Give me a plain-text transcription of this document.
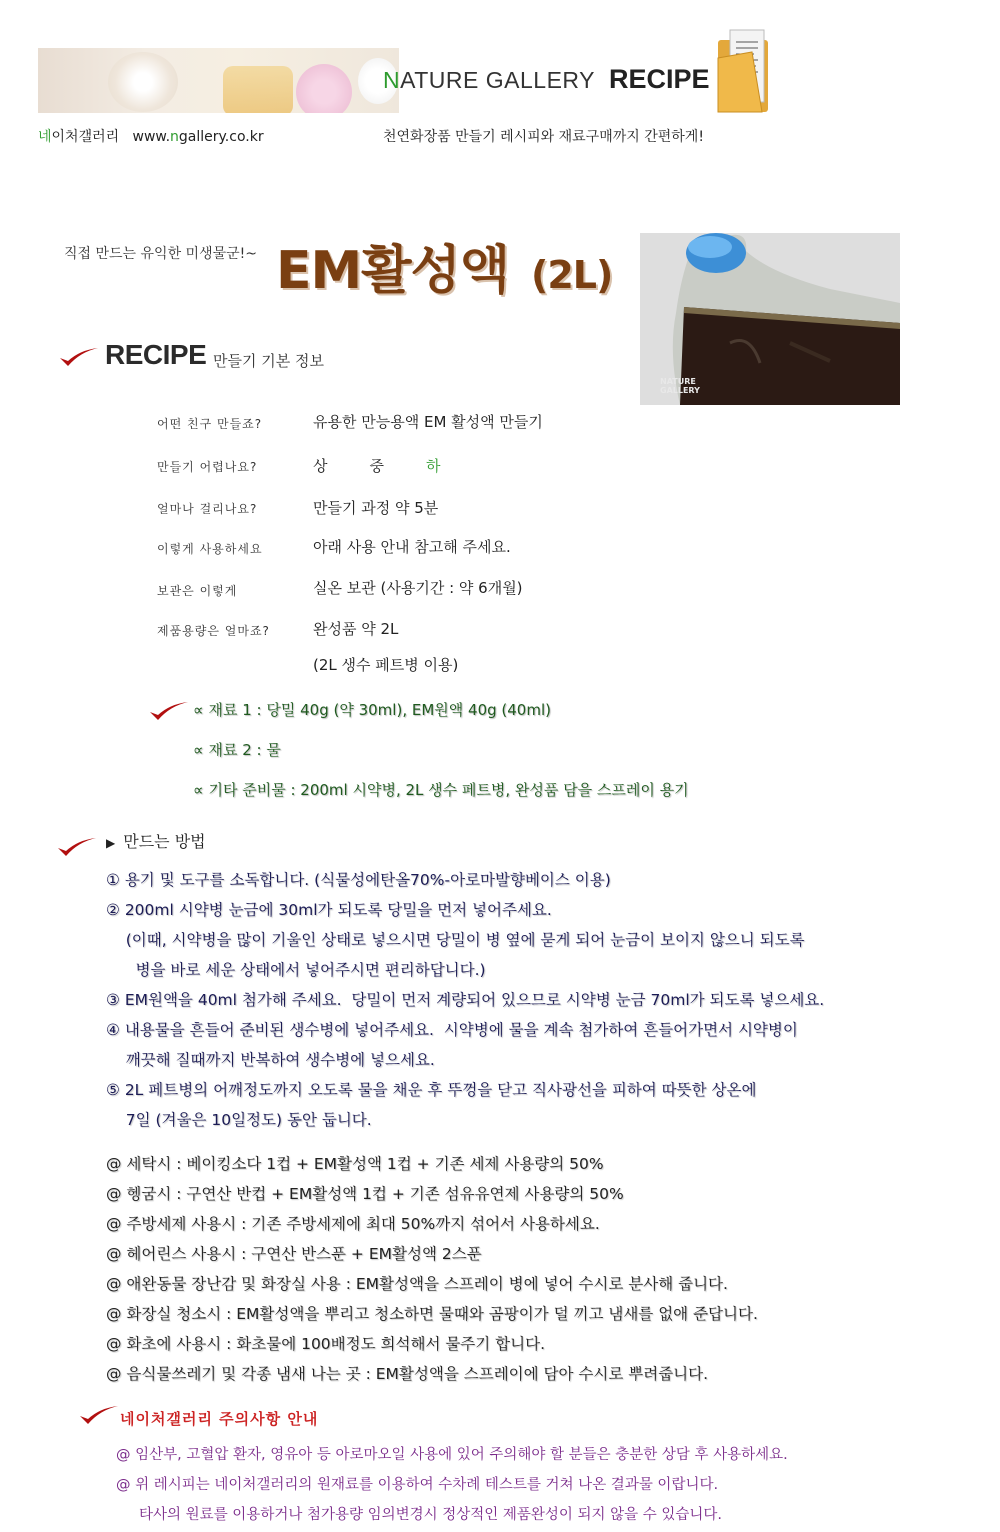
NATURE GALLERY RECIPE
네이처갤러리 www.ngallery.co.kr	천연화장품 만들기 레시피와 재료구매까지 간편하게!
직접 만드는 유익한 미생물군!~ EM활성액 (2L)
NATURE
GALLERY
RECIPE 만들기 기본 정보
어떤 친구 만들죠?	유용한 만능용액 EM 활성액 만들기
만들기 어렵나요?	상	중	하
얼마나 걸리나요?	만들기 과정 약 5분
이렇게 사용하세요	아래 사용 안내 참고해 주세요.
보관은 이렇게	실온 보관 (사용기간 : 약 6개월)
제품용량은 얼마죠?	완성품 약 2L
(2L 생수 페트병 이용)
∝ 재료 1 : 당밀 40g (약 30ml), EM원액 40g (40ml)
∝ 재료 2 : 물
∝ 기타 준비물 : 200ml 시약병, 2L 생수 페트병, 완성품 담을 스프레이 용기
▶ 만드는 방법
① 용기 및 도구를 소독합니다. (식물성에탄올70%-아로마발향베이스 이용)
② 200ml 시약병 눈금에 30ml가 되도록 당밀을 먼저 넣어주세요.
(이때, 시약병을 많이 기울인 상태로 넣으시면 당밀이 병 옆에 묻게 되어 눈금이 보이지 않으니 되도록
병을 바로 세운 상태에서 넣어주시면 편리하답니다.)
③ EM원액을 40ml 첨가해 주세요.  당밀이 먼저 계량되어 있으므로 시약병 눈금 70ml가 되도록 넣으세요.
④ 내용물을 흔들어 준비된 생수병에 넣어주세요.  시약병에 물을 계속 첨가하여 흔들어가면서 시약병이
깨끗해 질때까지 반복하여 생수병에 넣으세요.
⑤ 2L 페트병의 어깨정도까지 오도록 물을 채운 후 뚜껑을 닫고 직사광선을 피하여 따뜻한 상온에
7일 (겨울은 10일정도) 동안 둡니다.
@ 세탁시 : 베이킹소다 1컵 + EM활성액 1컵 + 기존 세제 사용량의 50%
@ 헹굼시 : 구연산 반컵 + EM활성액 1컵 + 기존 섬유유연제 사용량의 50%
@ 주방세제 사용시 : 기존 주방세제에 최대 50%까지 섞어서 사용하세요.
@ 헤어린스 사용시 : 구연산 반스푼 + EM활성액 2스푼
@ 애완동물 장난감 및 화장실 사용 : EM활성액을 스프레이 병에 넣어 수시로 분사해 줍니다.
@ 화장실 청소시 : EM활성액을 뿌리고 청소하면 물때와 곰팡이가 덜 끼고 냄새를 없애 준답니다.
@ 화초에 사용시 : 화초물에 100배정도 희석해서 물주기 합니다.
@ 음식물쓰레기 및 각종 냄새 나는 곳 : EM활성액을 스프레이에 담아 수시로 뿌려줍니다.
네이처갤러리 주의사항 안내
@ 임산부, 고혈압 환자, 영유아 등 아로마오일 사용에 있어 주의해야 할 분들은 충분한 상담 후 사용하세요.
@ 위 레시피는 네이처갤러리의 원재료를 이용하여 수차례 테스트를 거쳐 나온 결과물 이랍니다.
타사의 원료를 이용하거나 첨가용량 임의변경시 정상적인 제품완성이 되지 않을 수 있습니다.
